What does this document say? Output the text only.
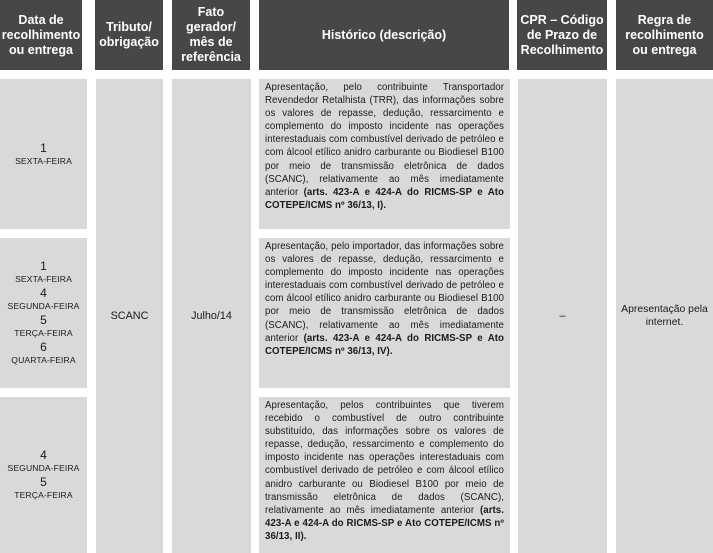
Data de recolhimento ou entrega
Tributo/ obrigação
Fato gerador/ mês de referência
Histórico (descrição)
CPR – Código de Prazo de Recolhimento
Regra de recolhimento ou entrega
1
SEXTA-FEIRA
1
SEXTA-FEIRA
4
SEGUNDA-FEIRA
5
TERÇA-FEIRA
6
QUARTA-FEIRA
4
SEGUNDA-FEIRA
5
TERÇA-FEIRA
SCANC	Julho/14
Apresentação, pelo contribuinte Transportador Revendedor Retalhista (TRR), das informações sobre os valores de repasse, dedução, ressarcimento e complemento do imposto incidente nas operações interestaduais com combustível derivado de petróleo e com álcool etílico anidro carburante ou Biodiesel B100 por meio de transmissão eletrônica de dados (SCANC), relativamente ao mês imediatamente anterior (arts. 423-A e 424-A do RICMS-SP e Ato COTEPE/ICMS nº 36/13, I).
Apresentação, pelo importador, das informações sobre os valores de repasse, dedução, ressarcimento e complemento do imposto incidente nas operações interestaduais com combustível derivado de petróleo e com álcool etílico anidro carburante ou Biodiesel B100 por meio de transmissão eletrônica de dados (SCANC), relativamente ao mês imediatamente anterior (arts. 423-A e 424-A do RICMS-SP e Ato COTEPE/ICMS nº 36/13, IV).
Apresentação, pelos contribuintes que tiverem recebido o combustível de outro contribuinte substituído, das informações sobre os valores de repasse, dedução, ressarcimento e complemento do imposto incidente nas operações interestaduais com combustível derivado de petróleo e com álcool etílico anidro carburante ou Biodiesel B100 por meio de transmissão eletrônica de dados (SCANC), relativamente ao mês imediatamente anterior (arts. 423-A e 424-A do RICMS-SP e Ato COTEPE/ICMS nº 36/13, II).
–
Apresentação pela internet.
